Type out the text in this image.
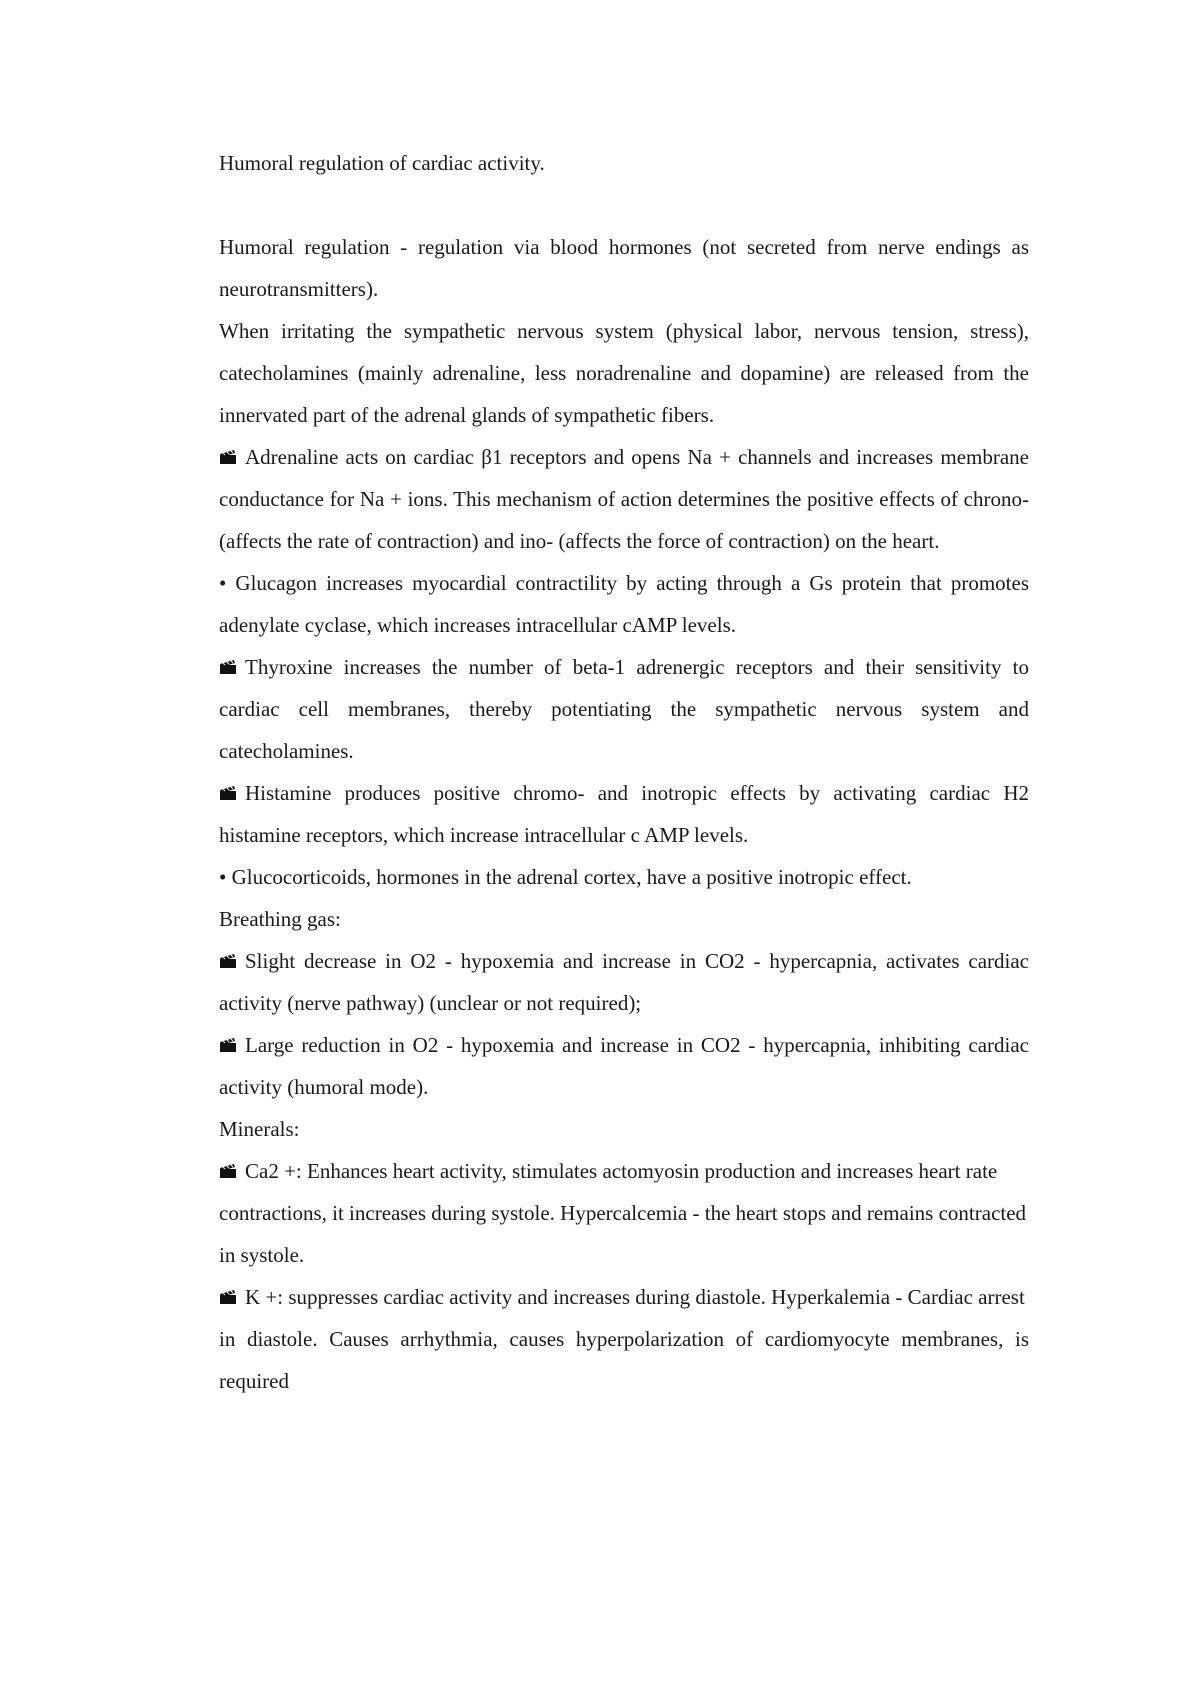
Humoral regulation of cardiac activity.

Humoral regulation - regulation via blood hormones (not secreted from nerve endings as neurotransmitters).

When irritating the sympathetic nervous system (physical labor, nervous tension, stress), catecholamines (mainly adrenaline, less noradrenaline and dopamine) are released from the innervated part of the adrenal glands of sympathetic fibers.

Adrenaline acts on cardiac β1 receptors and opens Na + channels and increases membrane conductance for Na + ions. This mechanism of action determines the positive effects of chrono- (affects the rate of contraction) and ino- (affects the force of contraction) on the heart.

• Glucagon increases myocardial contractility by acting through a Gs protein that promotes adenylate cyclase, which increases intracellular cAMP levels.

Thyroxine increases the number of beta-1 adrenergic receptors and their sensitivity to cardiac cell membranes, thereby potentiating the sympathetic nervous system and catecholamines.

Histamine produces positive chromo- and inotropic effects by activating cardiac H2 histamine receptors, which increase intracellular c AMP levels.

• Glucocorticoids, hormones in the adrenal cortex, have a positive inotropic effect.

Breathing gas:

Slight decrease in O2 - hypoxemia and increase in CO2 - hypercapnia, activates cardiac activity (nerve pathway) (unclear or not required);

Large reduction in O2 - hypoxemia and increase in CO2 - hypercapnia, inhibiting cardiac activity (humoral mode).

Minerals:

Ca2 +: Enhances heart activity, stimulates actomyosin production and increases heart rate

contractions, it increases during systole. Hypercalcemia - the heart stops and remains contracted

in systole.

K +: suppresses cardiac activity and increases during diastole. Hyperkalemia - Cardiac arrest

in diastole. Causes arrhythmia, causes hyperpolarization of cardiomyocyte membranes, is required
